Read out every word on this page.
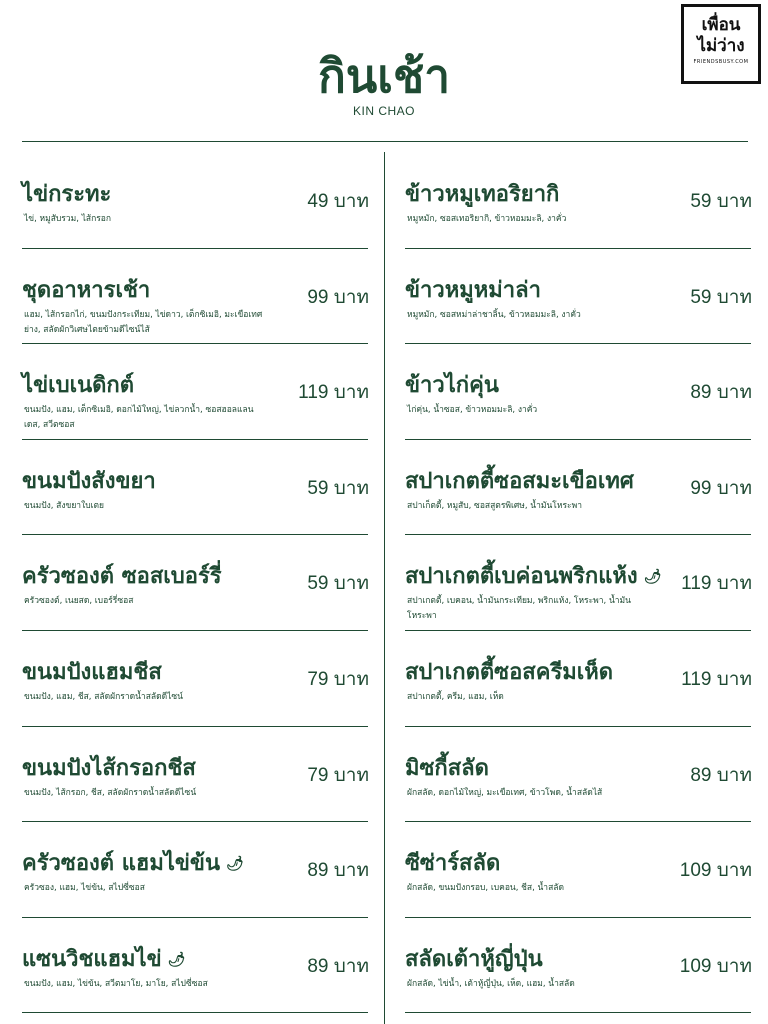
เพื่อน
ไม่ว่าง
FRIENDSBUSY.COM
กินเช้า
KIN CHAO
ไข่กระทะ	49 บาท
ไข่, หมูสับรวม, ไส้กรอก
ชุดอาหารเช้า	99 บาท
แฮม, ไส้กรอกไก่, ขนมปังกระเทียม, ไข่ดาว, เต็กซิเมอิ, มะเขือเทศย่าง, สลัดผักวิเศษไตยข้ามดีไซน์ไส้
ไข่เบเนดิกต์	119 บาท
ขนมปัง, แฮม, เต็กซิเมอิ, ดอกไม้ใหญ่, ไข่ลวกน้ำ, ซอสฮอลแลนเดส, สวีตซอส
ขนมปังสังขยา	59 บาท
ขนมปัง, สังขยาใบเตย
ครัวซองต์ ซอสเบอร์รี่	59 บาท
ครัวซองต์, เนยสด, เบอร์รี่ซอส
ขนมปังแฮมชีส	79 บาท
ขนมปัง, แฮม, ชีส, สลัดผักราดน้ำสลัดดีไซน์
ขนมปังไส้กรอกชีส	79 บาท
ขนมปัง, ไส้กรอก, ชีส, สลัดผักราดน้ำสลัดดีไซน์
ครัวซองต์ แฮมไข่ข้น 🌶	89 บาท
ครัวซอง, แฮม, ไข่ข้น, สไปซี่ซอส
แซนวิชแฮมไข่ 🌶	89 บาท
ขนมปัง, แฮม, ไข่ข้น, สวีตมาโย, มาโย, สไปซี่ซอส
ข้าวหมูเทอริยากิ	59 บาท
หมูหมัก, ซอสเทอริยากิ, ข้าวหอมมะลิ, งาคั่ว
ข้าวหมูหม่าล่า	59 บาท
หมูหมัก, ซอสหม่าล่าชาลิ้น, ข้าวหอมมะลิ, งาคั่ว
ข้าวไก่คุ่น	89 บาท
ไก่คุ่น, น้ำซอส, ข้าวหอมมะลิ, งาคั่ว
สปาเกตตี้ซอสมะเขือเทศ	99 บาท
สปาเก็ตตี้, หมูสับ, ซอสสูตรพิเศษ, น้ำมันโหระพา
สปาเกตตี้เบค่อนพริกแห้ง 🌶 119 บาท
สปาเกตตี้, เบคอน, น้ำมันกระเทียม, พริกแห้ง, โหระพา, น้ำมันโหระพา
สปาเกตตี้ซอสครีมเห็ด	119 บาท
สปาเกตตี้, ครีม, แฮม, เห็ด
มิซกี้สลัด	89 บาท
ผักสลัด, ดอกไม้ใหญ่, มะเขือเทศ, ข้าวโพด, น้ำสลัดไส้
ซีซ่าร์สลัด	109 บาท
ผักสลัด, ขนมปังกรอบ, เบคอน, ชีส, น้ำสลัด
สลัดเต้าหู้ญี่ปุ่น	109 บาท
ผักสลัด, ไข่น้ำ, เต้าหู้ญี่ปุ่น, เห็ด, แฮม, น้ำสลัด
